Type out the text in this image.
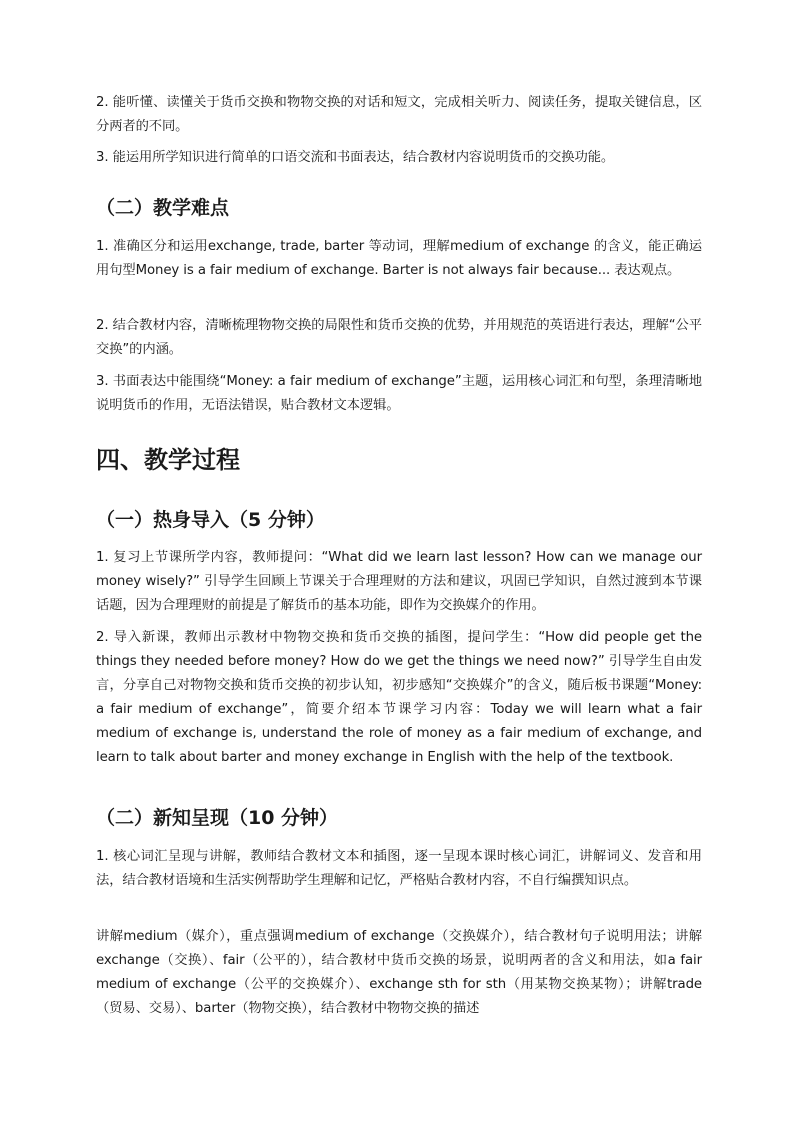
2. 能听懂、读懂关于货币交换和物物交换的对话和短文，完成相关听力、阅读任务，提取关键信息，区分两者的不同。

3. 能运用所学知识进行简单的口语交流和书面表达，结合教材内容说明货币的交换功能。

（二）教学难点

1. 准确区分和运用exchange, trade, barter 等动词，理解medium of exchange 的含义，能正确运用句型Money is a fair medium of exchange. Barter is not always fair because... 表达观点。

2. 结合教材内容，清晰梳理物物交换的局限性和货币交换的优势，并用规范的英语进行表达，理解“公平交换”的内涵。

3. 书面表达中能围绕“Money: a fair medium of exchange”主题，运用核心词汇和句型，条理清晰地说明货币的作用，无语法错误，贴合教材文本逻辑。

四、教学过程
（一）热身导入（5 分钟）

1. 复习上节课所学内容，教师提问：“What did we learn last lesson? How can we manage our money wisely?” 引导学生回顾上节课关于合理理财的方法和建议，巩固已学知识，自然过渡到本节课话题，因为合理理财的前提是了解货币的基本功能，即作为交换媒介的作用。

2. 导入新课，教师出示教材中物物交换和货币交换的插图，提问学生：“How did people get the things they needed before money? How do we get the things we need now?” 引导学生自由发言，分享自己对物物交换和货币交换的初步认知，初步感知“交换媒介”的含义，随后板书课题“Money: a fair medium of exchange”，简要介绍本节课学习内容：Today we will learn what a fair medium of exchange is, understand the role of money as a fair medium of exchange, and learn to talk about barter and money exchange in English with the help of the textbook.

（二）新知呈现（10 分钟）

1. 核心词汇呈现与讲解，教师结合教材文本和插图，逐一呈现本课时核心词汇，讲解词义、发音和用法，结合教材语境和生活实例帮助学生理解和记忆，严格贴合教材内容，不自行编撰知识点。

讲解medium（媒介），重点强调medium of exchange（交换媒介），结合教材句子说明用法；讲解exchange（交换）、fair（公平的），结合教材中货币交换的场景，说明两者的含义和用法，如a fair medium of exchange（公平的交换媒介）、exchange sth for sth（用某物交换某物）；讲解trade（贸易、交易）、barter（物物交换），结合教材中物物交换的描述
